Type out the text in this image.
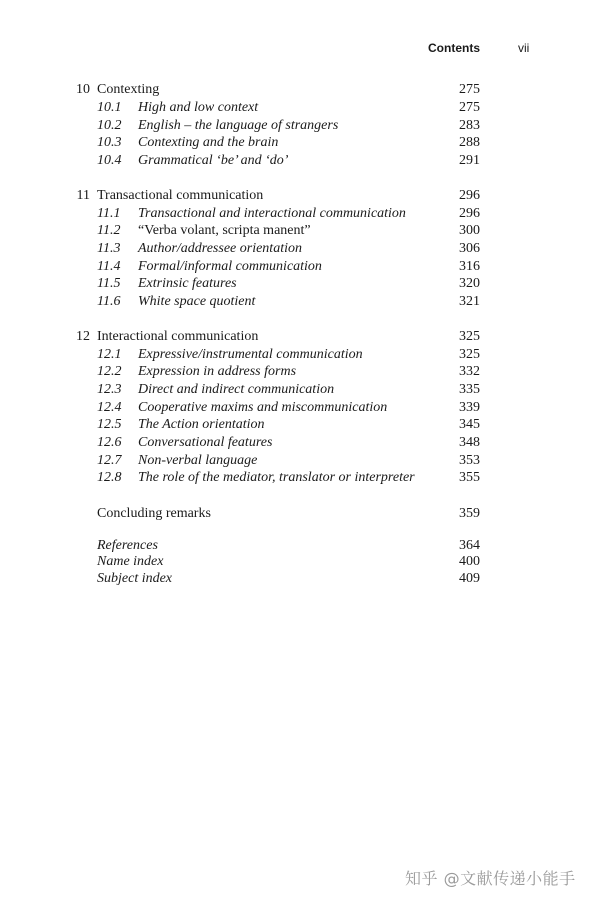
Contents	vii
10 Contexting	275
10.1	High and low context	275
10.2	English – the language of strangers	283
10.3	Contexting and the brain	288
10.4	Grammatical ‘be’ and ‘do’	291
11 Transactional communication	296
11.1	Transactional and interactional communication	296
11.2	“Verba volant, scripta manent”	300
11.3	Author/addressee orientation	306
11.4	Formal/informal communication	316
11.5	Extrinsic features	320
11.6	White space quotient	321
12 Interactional communication	325
12.1	Expressive/instrumental communication	325
12.2	Expression in address forms	332
12.3	Direct and indirect communication	335
12.4	Cooperative maxims and miscommunication	339
12.5	The Action orientation	345
12.6	Conversational features	348
12.7	Non-verbal language	353
12.8	The role of the mediator, translator or interpreter	355
Concluding remarks	359
References	364
Name index	400
Subject index	409
知乎 @文献传递小能手
